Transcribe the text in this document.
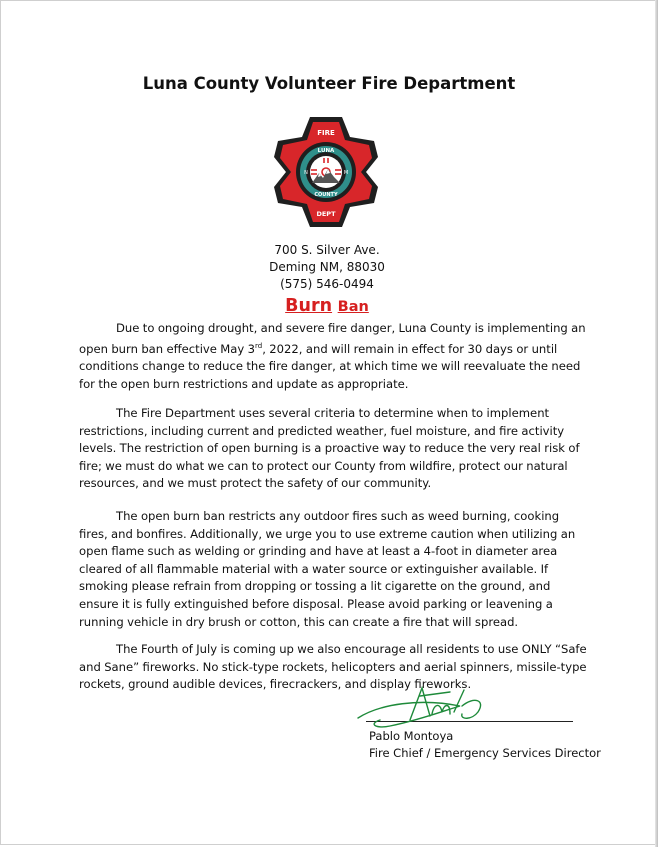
Luna County Volunteer Fire Department
FIRE
LUNA
COUNTY
DEPT
N	M
700 S. Silver Ave.
Deming NM, 88030
(575) 546-0494
Burn Ban

Due to ongoing drought, and severe fire danger, Luna County is implementing an open burn ban effective May 3rd, 2022, and will remain in effect for 30 days or until conditions change to reduce the fire danger, at which time we will reevaluate the need for the open burn restrictions and update as appropriate.

The Fire Department uses several criteria to determine when to implement restrictions, including current and predicted weather, fuel moisture, and fire activity levels. The restriction of open burning is a proactive way to reduce the very real risk of fire; we must do what we can to protect our County from wildfire, protect our natural resources, and we must protect the safety of our community.

The open burn ban restricts any outdoor fires such as weed burning, cooking fires, and bonfires. Additionally, we urge you to use extreme caution when utilizing an open flame such as welding or grinding and have at least a 4-foot in diameter area cleared of all flammable material with a water source or extinguisher available. If smoking please refrain from dropping or tossing a lit cigarette on the ground, and ensure it is fully extinguished before disposal. Please avoid parking or leavening a running vehicle in dry brush or cotton, this can create a fire that will spread.

The Fourth of July is coming up we also encourage all residents to use ONLY “Safe and Sane” fireworks. No stick-type rockets, helicopters and aerial spinners, missile-type rockets, ground audible devices, firecrackers, and display fireworks.

Pablo Montoya
Fire Chief / Emergency Services Director
